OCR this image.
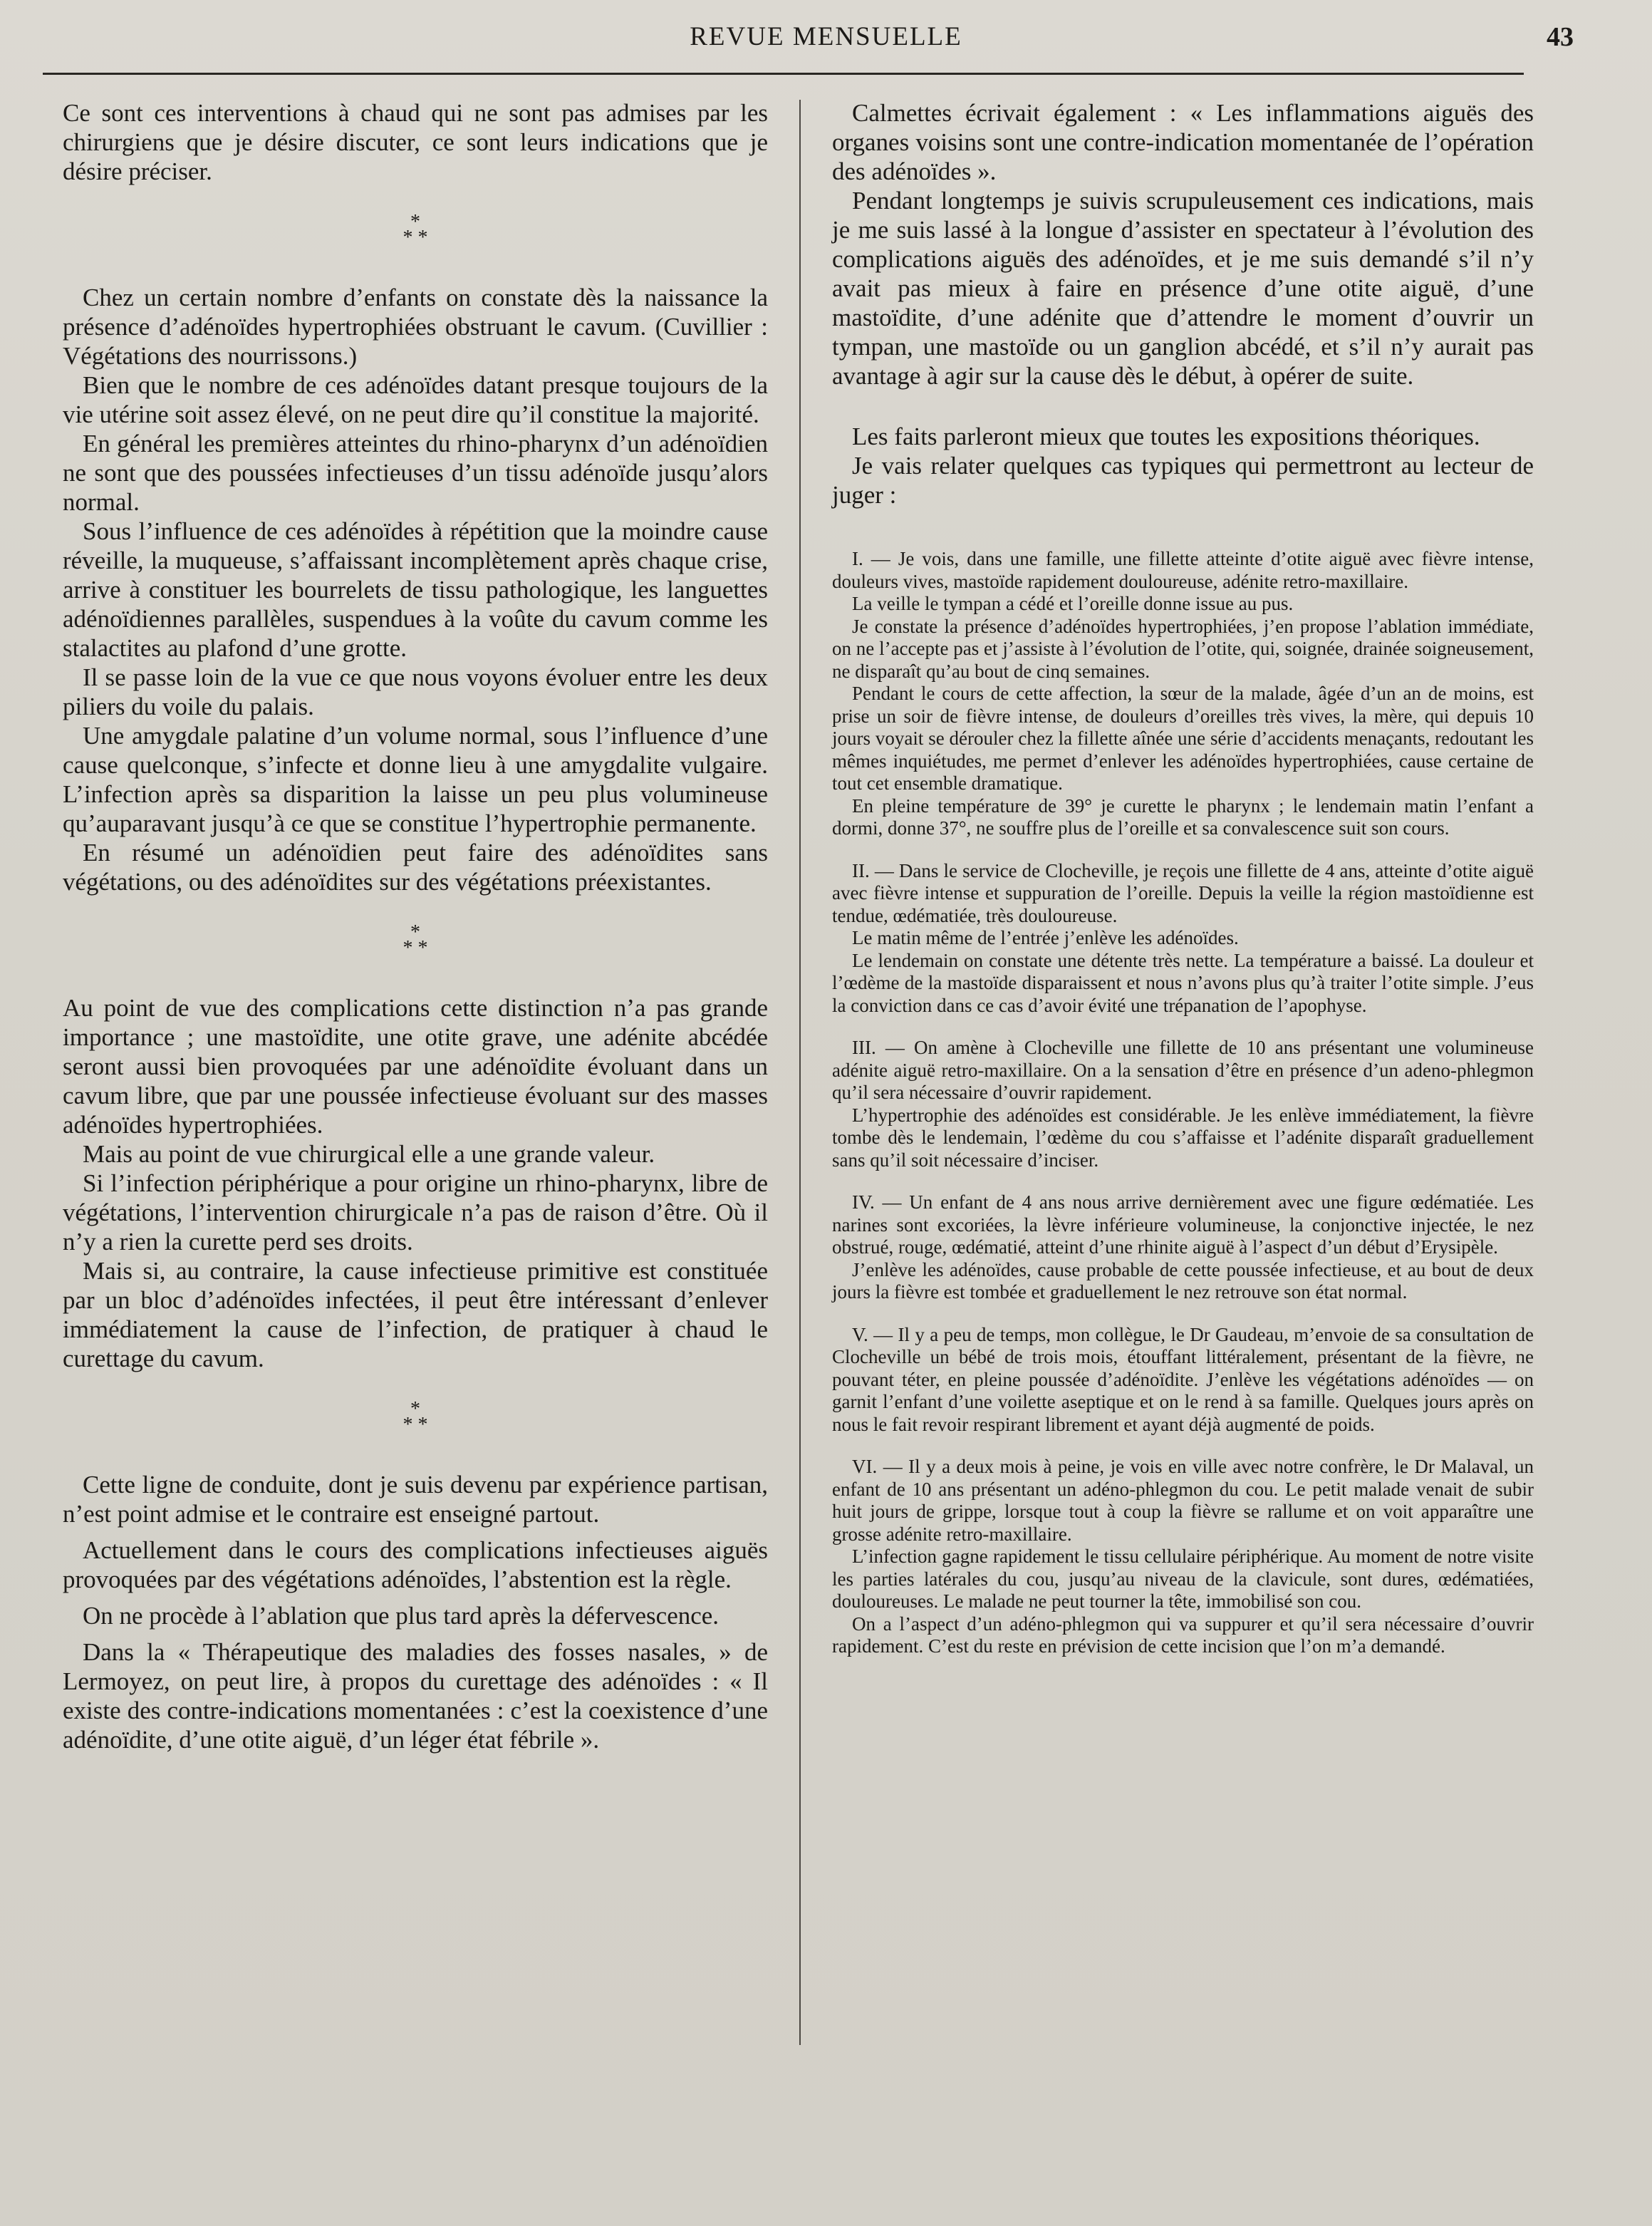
REVUE MENSUELLE	43

Ce sont ces interventions à chaud qui ne sont pas admises par les chirurgiens que je désire discuter, ce sont leurs indications que je désire préciser.

*
* *

Chez un certain nombre d’enfants on constate dès la naissance la présence d’adénoïdes hypertrophiées obstruant le cavum. (Cuvillier : Végétations des nourrissons.)

Bien que le nombre de ces adénoïdes datant presque toujours de la vie utérine soit assez élevé, on ne peut dire qu’il constitue la majorité.

En général les premières atteintes du rhino-pharynx d’un adénoïdien ne sont que des poussées infectieuses d’un tissu adénoïde jusqu’alors normal.

Sous l’influence de ces adénoïdes à répétition que la moindre cause réveille, la muqueuse, s’affaissant incomplètement après chaque crise, arrive à constituer les bourrelets de tissu pathologique, les languettes adénoïdiennes parallèles, suspendues à la voûte du cavum comme les stalactites au plafond d’une grotte.

Il se passe loin de la vue ce que nous voyons évoluer entre les deux piliers du voile du palais.

Une amygdale palatine d’un volume normal, sous l’influence d’une cause quelconque, s’infecte et donne lieu à une amygdalite vulgaire. L’infection après sa disparition la laisse un peu plus volumineuse qu’auparavant jusqu’à ce que se constitue l’hypertrophie permanente.

En résumé un adénoïdien peut faire des adénoïdites sans végétations, ou des adénoïdites sur des végétations préexistantes.

*
* *

Au point de vue des complications cette distinction n’a pas grande importance ; une mastoïdite, une otite grave, une adénite abcédée seront aussi bien provoquées par une adénoïdite évoluant dans un cavum libre, que par une poussée infectieuse évoluant sur des masses adénoïdes hypertrophiées.

Mais au point de vue chirurgical elle a une grande valeur.

Si l’infection périphérique a pour origine un rhino-pharynx, libre de végétations, l’intervention chirurgicale n’a pas de raison d’être. Où il n’y a rien la curette perd ses droits.

Mais si, au contraire, la cause infectieuse primitive est constituée par un bloc d’adénoïdes infectées, il peut être intéressant d’enlever immédiatement la cause de l’infection, de pratiquer à chaud le curettage du cavum.

*
* *

Cette ligne de conduite, dont je suis devenu par expérience partisan, n’est point admise et le contraire est enseigné partout.

Actuellement dans le cours des complications infectieuses aiguës provoquées par des végétations adénoïdes, l’abstention est la règle.

On ne procède à l’ablation que plus tard après la défervescence.

Dans la « Thérapeutique des maladies des fosses nasales, » de Lermoyez, on peut lire, à propos du curettage des adénoïdes : « Il existe des contre-indications momentanées : c’est la coexistence d’une adénoïdite, d’une otite aiguë, d’un léger état fébrile ».

Calmettes écrivait également : « Les inflammations aiguës des organes voisins sont une contre-indication momentanée de l’opération des adénoïdes ».

Pendant longtemps je suivis scrupuleusement ces indications, mais je me suis lassé à la longue d’assister en spectateur à l’évolution des complications aiguës des adénoïdes, et je me suis demandé s’il n’y avait pas mieux à faire en présence d’une otite aiguë, d’une mastoïdite, d’une adénite que d’attendre le moment d’ouvrir un tympan, une mastoïde ou un ganglion abcédé, et s’il n’y aurait pas avantage à agir sur la cause dès le début, à opérer de suite.

Les faits parleront mieux que toutes les expositions théoriques.

Je vais relater quelques cas typiques qui permettront au lecteur de juger :

I. — Je vois, dans une famille, une fillette atteinte d’otite aiguë avec fièvre intense, douleurs vives, mastoïde rapidement douloureuse, adénite retro-maxillaire.

La veille le tympan a cédé et l’oreille donne issue au pus.

Je constate la présence d’adénoïdes hypertrophiées, j’en propose l’ablation immédiate, on ne l’accepte pas et j’assiste à l’évolution de l’otite, qui, soignée, drainée soigneusement, ne disparaît qu’au bout de cinq semaines.

Pendant le cours de cette affection, la sœur de la malade, âgée d’un an de moins, est prise un soir de fièvre intense, de douleurs d’oreilles très vives, la mère, qui depuis 10 jours voyait se dérouler chez la fillette aînée une série d’accidents menaçants, redoutant les mêmes inquiétudes, me permet d’enlever les adénoïdes hypertrophiées, cause certaine de tout cet ensemble dramatique.

En pleine température de 39° je curette le pharynx ; le lendemain matin l’enfant a dormi, donne 37°, ne souffre plus de l’oreille et sa convalescence suit son cours.

II. — Dans le service de Clocheville, je reçois une fillette de 4 ans, atteinte d’otite aiguë avec fièvre intense et suppuration de l’oreille. Depuis la veille la région mastoïdienne est tendue, œdématiée, très douloureuse.

Le matin même de l’entrée j’enlève les adénoïdes.

Le lendemain on constate une détente très nette. La température a baissé. La douleur et l’œdème de la mastoïde disparaissent et nous n’avons plus qu’à traiter l’otite simple. J’eus la conviction dans ce cas d’avoir évité une trépanation de l’apophyse.

III. — On amène à Clocheville une fillette de 10 ans présentant une volumineuse adénite aiguë retro-maxillaire. On a la sensation d’être en présence d’un adeno-phlegmon qu’il sera nécessaire d’ouvrir rapidement.

L’hypertrophie des adénoïdes est considérable. Je les enlève immédiatement, la fièvre tombe dès le lendemain, l’œdème du cou s’affaisse et l’adénite disparaît graduellement sans qu’il soit nécessaire d’inciser.

IV. — Un enfant de 4 ans nous arrive dernièrement avec une figure œdématiée. Les narines sont excoriées, la lèvre inférieure volumineuse, la conjonctive injectée, le nez obstrué, rouge, œdématié, atteint d’une rhinite aiguë à l’aspect d’un début d’Erysipèle.

J’enlève les adénoïdes, cause probable de cette poussée infectieuse, et au bout de deux jours la fièvre est tombée et graduellement le nez retrouve son état normal.

V. — Il y a peu de temps, mon collègue, le Dr Gaudeau, m’envoie de sa consultation de Clocheville un bébé de trois mois, étouffant littéralement, présentant de la fièvre, ne pouvant téter, en pleine poussée d’adénoïdite. J’enlève les végétations adénoïdes — on garnit l’enfant d’une voilette aseptique et on le rend à sa famille. Quelques jours après on nous le fait revoir respirant librement et ayant déjà augmenté de poids.

VI. — Il y a deux mois à peine, je vois en ville avec notre confrère, le Dr Malaval, un enfant de 10 ans présentant un adéno-phlegmon du cou. Le petit malade venait de subir huit jours de grippe, lorsque tout à coup la fièvre se rallume et on voit apparaître une grosse adénite retro-maxillaire.

L’infection gagne rapidement le tissu cellulaire périphérique. Au moment de notre visite les parties latérales du cou, jusqu’au niveau de la clavicule, sont dures, œdématiées, douloureuses. Le malade ne peut tourner la tête, immobilisé son cou.

On a l’aspect d’un adéno-phlegmon qui va suppurer et qu’il sera nécessaire d’ouvrir rapidement. C’est du reste en prévision de cette incision que l’on m’a demandé.
